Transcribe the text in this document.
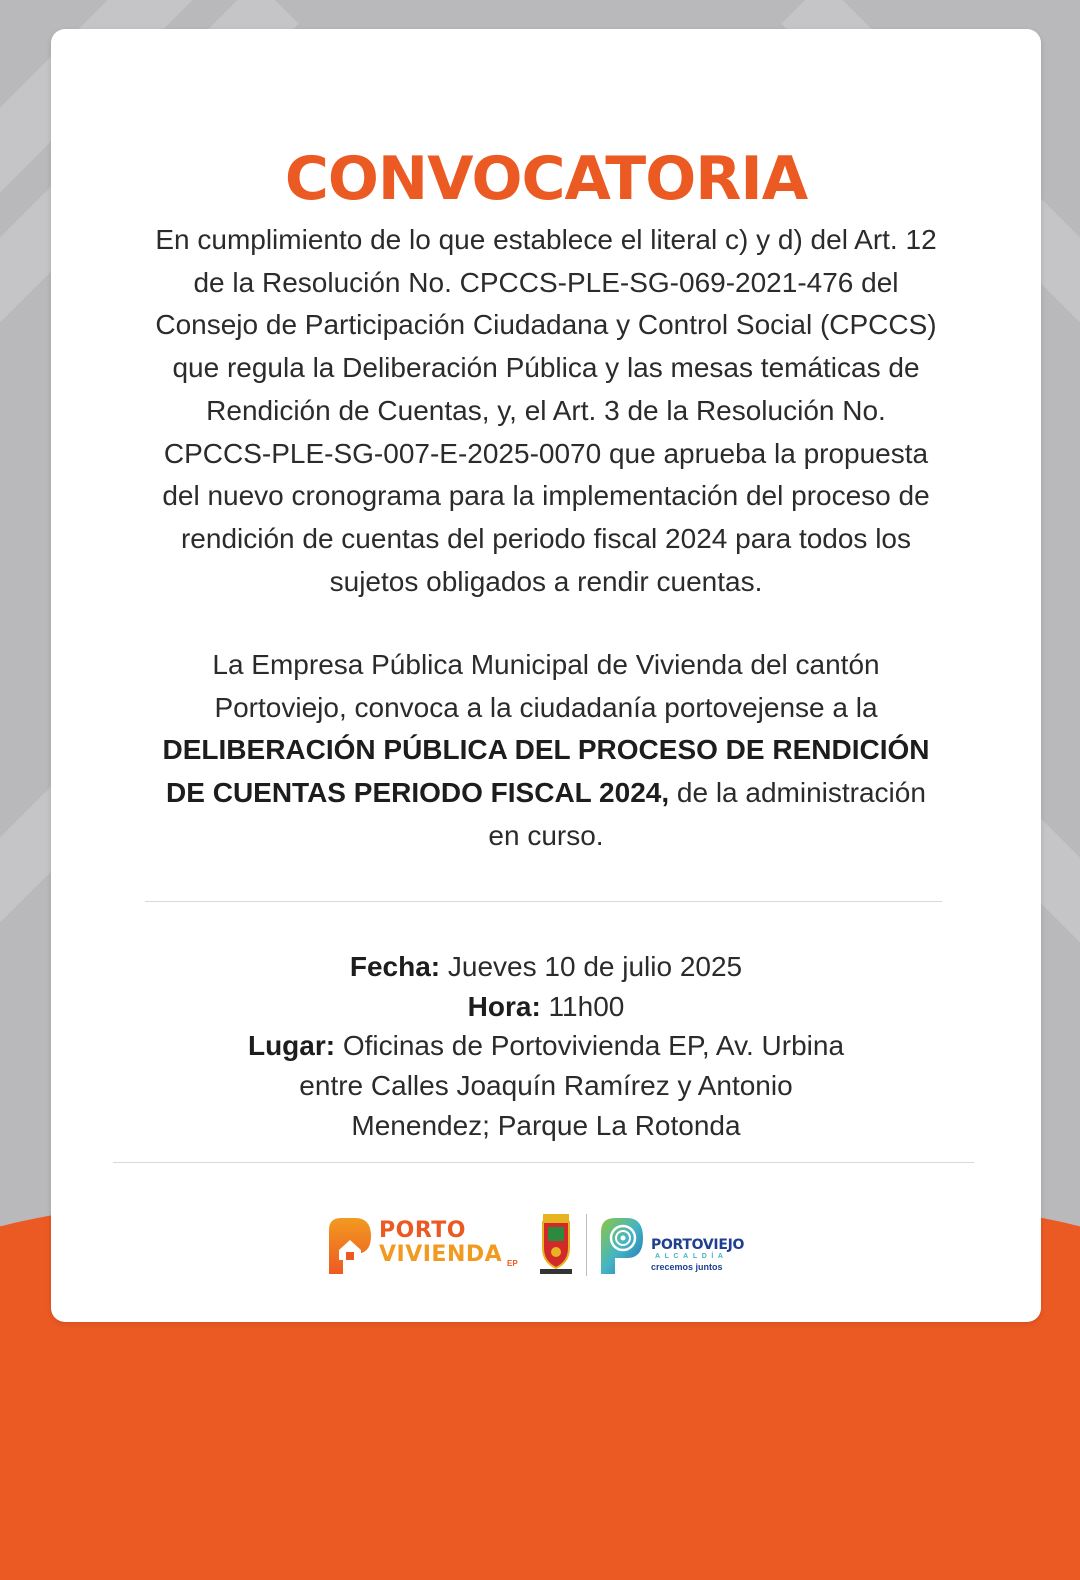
CONVOCATORIA

En cumplimiento de lo que establece el literal c) y d) del Art. 12
de la Resolución No. CPCCS-PLE-SG-069-2021-476 del
Consejo de Participación Ciudadana y Control Social (CPCCS)
que regula la Deliberación Pública y las mesas temáticas de
Rendición de Cuentas, y, el Art. 3 de la Resolución No.
CPCCS-PLE-SG-007-E-2025-0070 que aprueba la propuesta
del nuevo cronograma para la implementación del proceso de
rendición de cuentas del periodo fiscal 2024 para todos los
sujetos obligados a rendir cuentas.

La Empresa Pública Municipal de Vivienda del cantón
Portoviejo, convoca a la ciudadanía portovejense a la
DELIBERACIÓN PÚBLICA DEL PROCESO DE RENDICIÓN
DE CUENTAS PERIODO FISCAL 2024, de la administración
en curso.

Fecha: Jueves 10 de julio 2025
Hora: 11h00
Lugar: Oficinas de Portovivienda EP, Av. Urbina
entre Calles Joaquín Ramírez y Antonio
Menendez; Parque La Rotonda

PORTO
VIVIENDA EP
PORTOVIEJO
ALCALDÍA
crecemos juntos
